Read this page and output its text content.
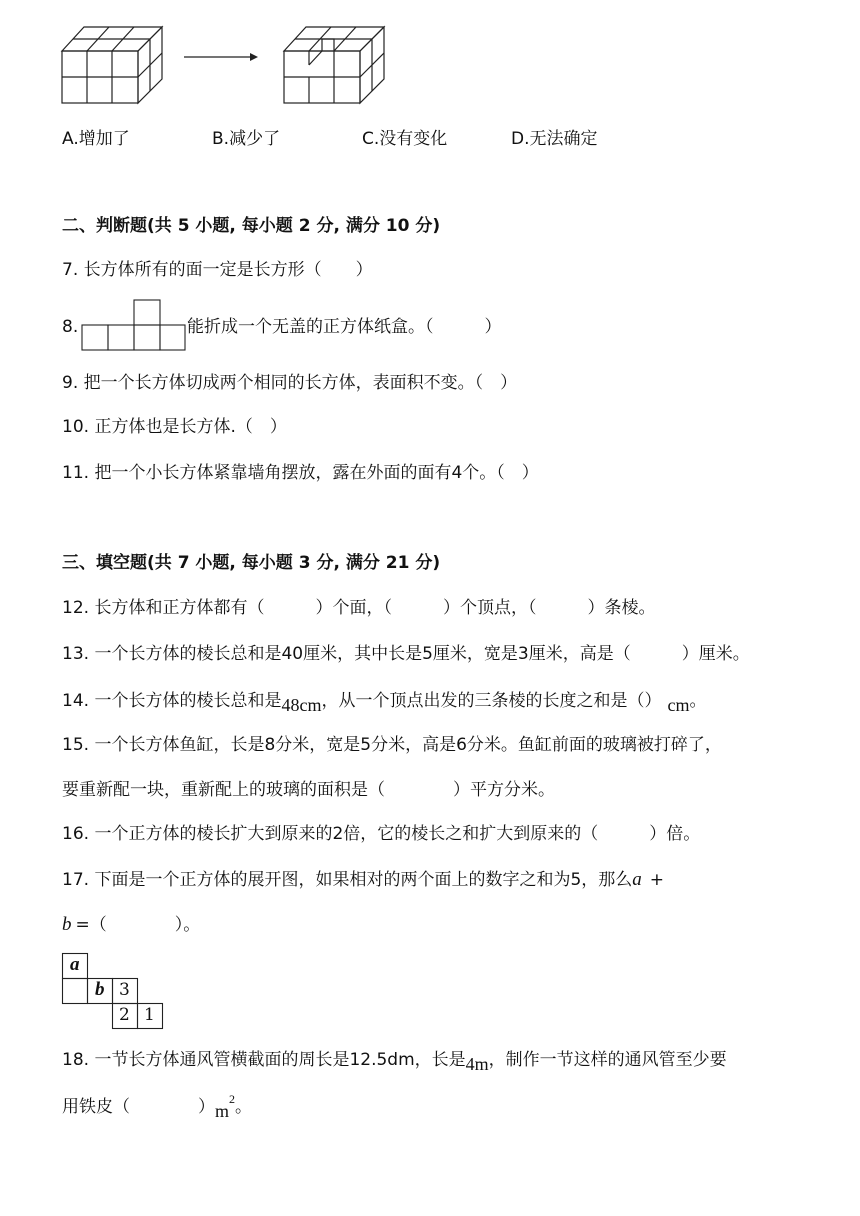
A.增加了	B.减少了	C.没有变化	D.无法确定
二、判断题(共 5 小题, 每小题 2 分, 满分 10 分)
7. 长方体所有的面一定是长方形（　　）
8.	能折成一个无盖的正方体纸盒。（　　　）
9. 把一个长方体切成两个相同的长方体，表面积不变。（　）
10. 正方体也是长方体.（　）
11. 把一个小长方体紧靠墙角摆放，露在外面的面有4个。（　）
三、填空题(共 7 小题, 每小题 3 分, 满分 21 分)
12. 长方体和正方体都有（　　　）个面，（　　　）个顶点，（　　　）条棱。
13. 一个长方体的棱长总和是40厘米，其中长是5厘米，宽是3厘米，高是（　　　）厘米。
14. 一个长方体的棱长总和是48cm，从一个顶点出发的三条棱的长度之和是（） cm。
15. 一个长方体鱼缸，长是8分米，宽是5分米，高是6分米。鱼缸前面的玻璃被打碎了，
要重新配一块，重新配上的玻璃的面积是（　　　　）平方分米。
16. 一个正方体的棱长扩大到原来的2倍，它的棱长之和扩大到原来的（　　　）倍。
17. 下面是一个正方体的展开图，如果相对的两个面上的数字之和为5，那么a +
b =（　　　　）。
a
b 3
2 1
18. 一节长方体通风管横截面的周长是12.5dm，长是4m，制作一节这样的通风管至少要
用铁皮（　　　　）$m^2$。
